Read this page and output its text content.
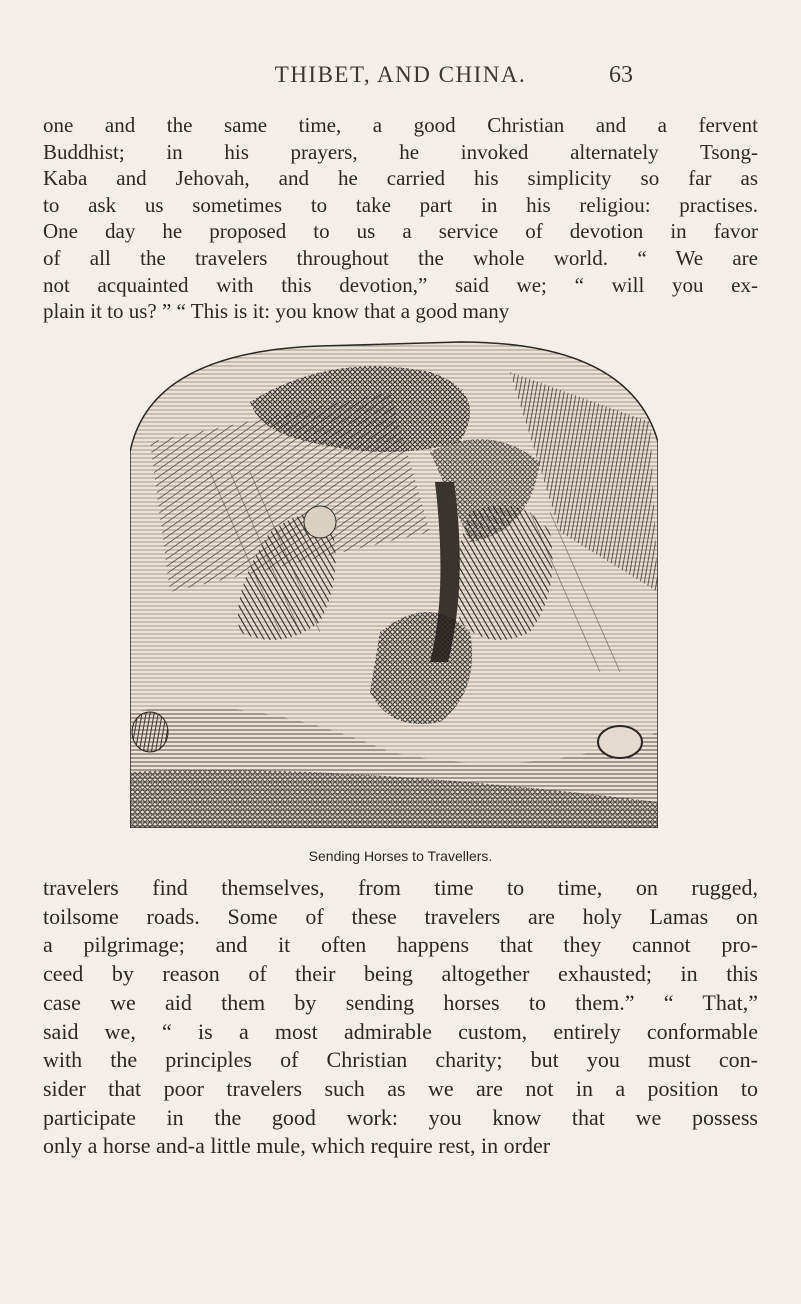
THIBET, AND CHINA.	63
one and the same time, a good Christian and a fervent
Buddhist; in his prayers, he invoked alternately Tsong-
Kaba and Jehovah, and he carried his simplicity so far as
to ask us sometimes to take part in his religiou: practises.
One day he proposed to us a service of devotion in favor
of all the travelers throughout the whole world. “ We are
not acquainted with this devotion,” said we; “ will you ex-
plain it to us? ” “ This is it: you know that a good many
Sending Horses to Travellers.
travelers find themselves, from time to time, on rugged,
toilsome roads. Some of these travelers are holy Lamas on
a pilgrimage; and it often happens that they cannot pro-
ceed by reason of their being altogether exhausted; in this
case we aid them by sending horses to them.” “ That,”
said we, “ is a most admirable custom, entirely conformable
with the principles of Christian charity; but you must con-
sider that poor travelers such as we are not in a position to
participate in the good work: you know that we possess
only a horse and-a little mule, which require rest, in order
